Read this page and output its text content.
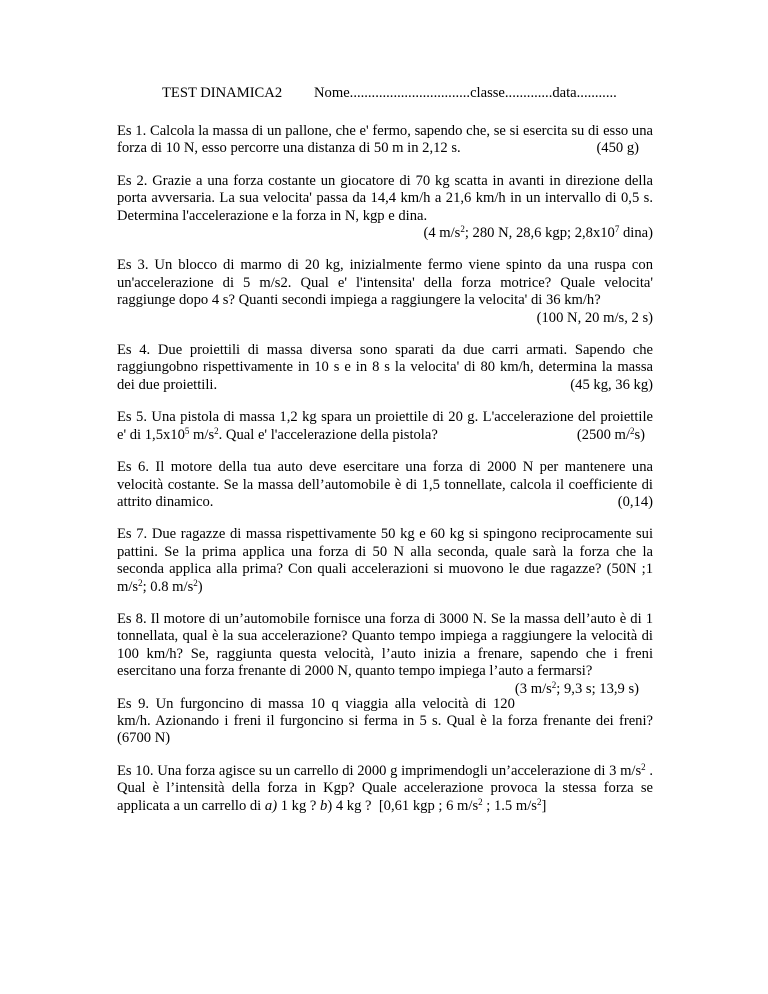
TEST DINAMICA2	Nome.................................classe.............data...........

Es 1. Calcola la massa di un pallone, che e' fermo, sapendo che, se si esercita su di esso una forza di 10 N, esso percorre una distanza di 50 m in 2,12 s.	(450 g)

Es 2. Grazie a una forza costante un giocatore di 70 kg scatta in avanti in direzione della porta avversaria. La sua velocita' passa da 14,4 km/h a 21,6 km/h in un intervallo di 0,5 s. Determina l'accelerazione e la forza in N, kgp e dina.
(4 $m/s^2$; 280 N, 28,6 kgp; $2,8x10^7$ dina)

Es 3. Un blocco di marmo di 20 kg, inizialmente fermo viene spinto da una ruspa con un'accelerazione di 5 m/s2. Qual e' l'intensita' della forza motrice? Quale velocita' raggiunge dopo 4 s? Quanti secondi impiega a raggiungere la velocita' di 36 km/h?
(100 N, 20 m/s, 2 s)

Es 4. Due proiettili di massa diversa sono sparati da due carri armati. Sapendo che raggiungobno rispettivamente in 10 s e in 8 s la velocita' di 80 km/h, determina la massa dei due proiettili.	(45 kg, 36 kg)

Es 5. Una pistola di massa 1,2 kg spara un proiettile di 20 g. L'accelerazione del proiettile e' di $1,5x10^5$ $m/s^2$. Qual e' l'accelerazione della pistola?	(2500 m/$^2$s)

Es 6. Il motore della tua auto deve esercitare una forza di 2000 N per mantenere una velocità costante. Se la massa dell’automobile è di 1,5 tonnellate, calcola il coefficiente di attrito dinamico.	(0,14)

Es 7. Due ragazze di massa rispettivamente 50 kg e 60 kg si spingono reciprocamente sui pattini. Se la prima applica una forza di 50 N alla seconda, quale sarà la forza che la seconda applica alla prima? Con quali accelerazioni si muovono le due ragazze? (50N ;1 $m/s^2$; 0.8 $m/s^2$)

Es 8. Il motore di un’automobile fornisce una forza di 3000 N. Se la massa dell’auto è di 1 tonnellata, qual è la sua accelerazione? Quanto tempo impiega a raggiungere la velocità di 100 km/h? Se, raggiunta questa velocità, l’auto inizia a frenare, sapendo che i freni esercitano una forza frenante di 2000 N, quanto tempo impiega l’auto a fermarsi?
(3 $m/s^2$; 9,3 s; 13,9 s)

Es 9. Un furgoncino di massa 10 q viaggia alla velocità di 120 km/h. Azionando i freni il furgoncino si ferma in 5 s. Qual è la forza frenante dei freni? (6700 N)

Es 10. Una forza agisce su un carrello di 2000 g imprimendogli un’accelerazione di 3 $m/s^2$ . Qual è l’intensità della forza in Kgp? Quale accelerazione provoca la stessa forza se applicata a un carrello di a) 1 kg ? b) 4 kg ? [0,61 kgp ; 6 $m/s^2$ ; 1.5 $m/s^2$]
